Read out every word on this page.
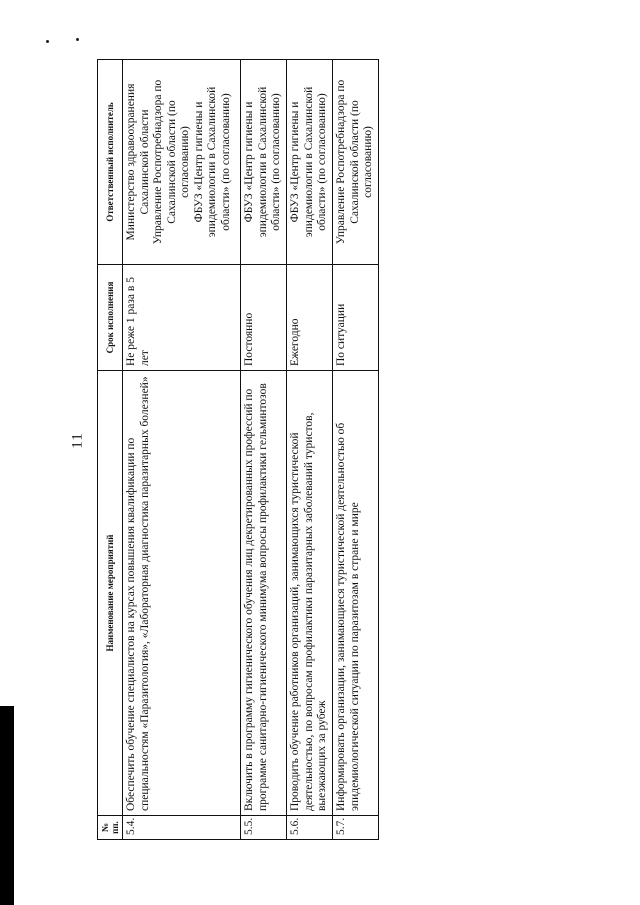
11
№ пп.	Наименование мероприятий	Срок исполнения	Ответственный исполнитель
5.4.	Обеспечить обучение специалистов на курсах повышения квалификации по специальностям «Паразитология», «Лабораторная диагностика паразитарных болезней»	Не реже 1 раза в 5 лет	Министерство здравоохранения Сахалинской области Управление Роспотребнадзора по Сахалинской области (по согласованию) ФБУЗ «Центр гигиены и эпидемиологии в Сахалинской области» (по согласованию)

5.5.	Включить в программу гигиенического обучения лиц декретированных профессий по программе санитарно-гигиенического минимума вопросы профилактики гельминтозов	Постоянно	ФБУЗ «Центр гигиены и эпидемиологии в Сахалинской области» (по согласованию)

5.6.	Проводить обучение работников организаций, занимающихся туристической деятельностью, по вопросам профилактики паразитарных заболеваний туристов, выезжающих за рубеж	Ежегодно	ФБУЗ «Центр гигиены и эпидемиологии в Сахалинской области» (по согласованию)

5.7.	Информировать организации, занимающиеся туристической деятельностью об эпидемиологической ситуации по паразитозам в стране и мире	По ситуации	Управление Роспотребнадзора по Сахалинской области (по согласованию)
